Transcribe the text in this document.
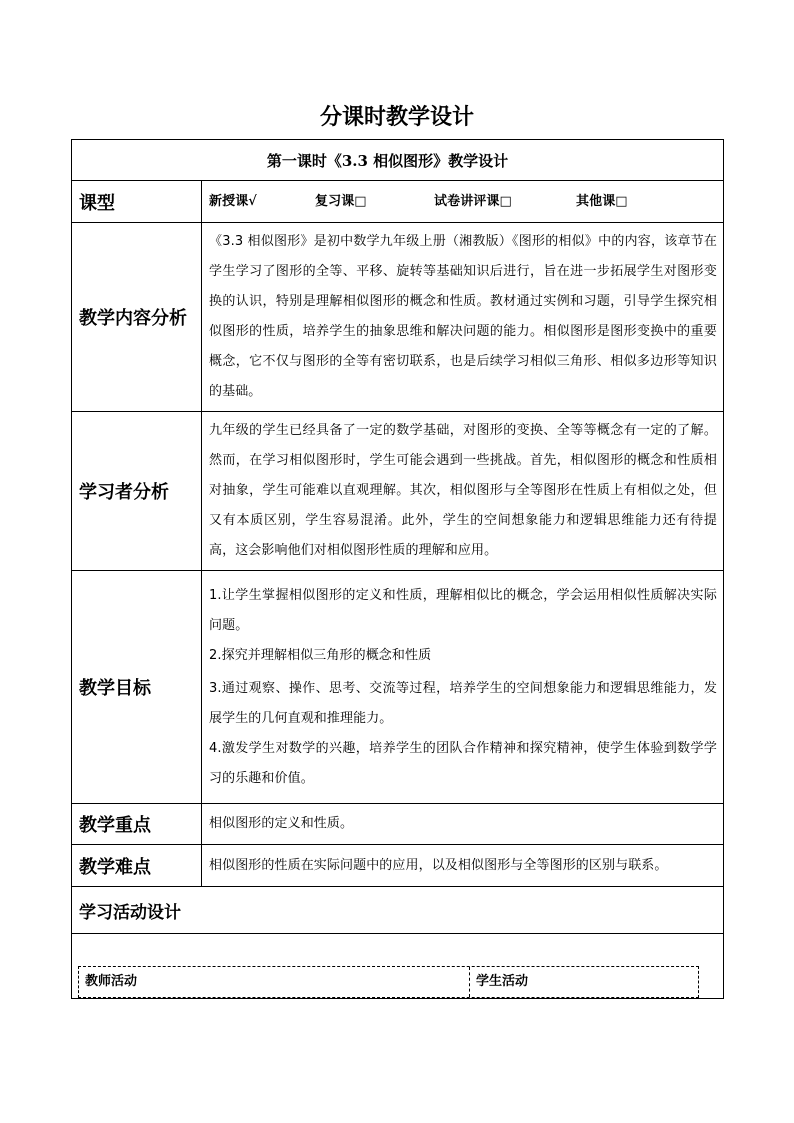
分课时教学设计
第一课时《3.3 相似图形》教学设计	
课型	新授课√ 复习课□ 试卷讲评课□ 其他课□

教学内容分析	《3.3 相似图形》是初中数学九年级上册（湘教版）《图形的相似》中的内容，该章节在学生学习了图形的全等、平移、旋转等基础知识后进行，旨在进一步拓展学生对图形变换的认识，特别是理解相似图形的概念和性质。教材通过实例和习题，引导学生探究相似图形的性质，培养学生的抽象思维和解决问题的能力。相似图形是图形变换中的重要概念，它不仅与图形的全等有密切联系，也是后续学习相似三角形、相似多边形等知识的基础。
学习者分析	九年级的学生已经具备了一定的数学基础，对图形的变换、全等等概念有一定的了解。然而，在学习相似图形时，学生可能会遇到一些挑战。首先，相似图形的概念和性质相对抽象，学生可能难以直观理解。其次，相似图形与全等图形在性质上有相似之处，但又有本质区别，学生容易混淆。此外，学生的空间想象能力和逻辑思维能力还有待提高，这会影响他们对相似图形性质的理解和应用。
教学目标	1.让学生掌握相似图形的定义和性质，理解相似比的概念，学会运用相似性质解决实际问题。

2.探究并理解相似三角形的概念和性质

3.通过观察、操作、思考、交流等过程，培养学生的空间想象能力和逻辑思维能力，发展学生的几何直观和推理能力。

4.激发学生对数学的兴趣，培养学生的团队合作精神和探究精神，使学生体验到数学学习的乐趣和价值。

教学重点	相似图形的定义和性质。
教学难点	相似图形的性质在实际问题中的应用，以及相似图形与全等图形的区别与联系。
学习活动设计	

教师活动 学生活动	
